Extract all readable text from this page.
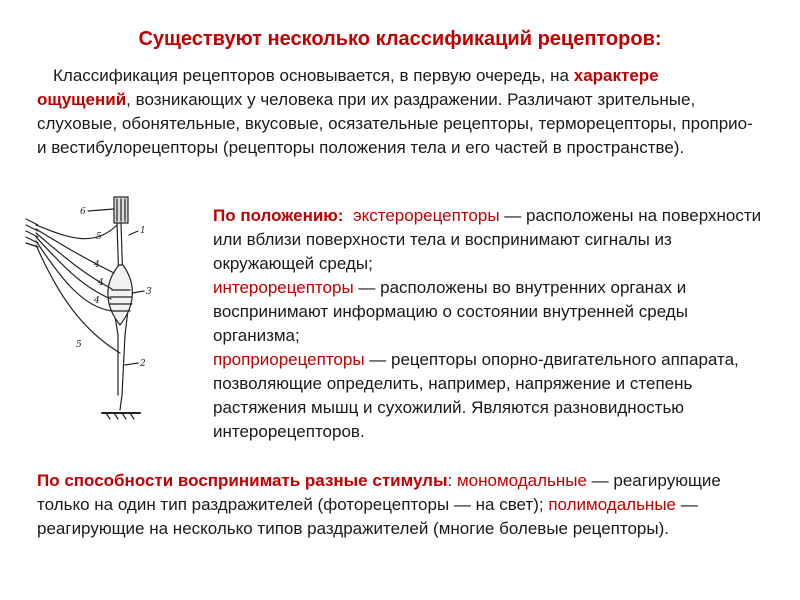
Существуют несколько классификаций рецепторов:

Классификация рецепторов основывается, в первую очередь, на характере ощущений, возникающих у человека при их раздражении. Различают зрительные, слуховые, обонятельные, вкусовые, осязательные рецепторы, терморецепторы, проприо- и вестибулорецепторы (рецепторы положения тела и его частей в пространстве).

6
5
1
4
4
4
3
5
2

По положению: экстерорецепторы — расположены на поверхности или вблизи поверхности тела и воспринимают сигналы из окружающей среды;
интерорецепторы — расположены во внутренних органах и воспринимают информацию о состоянии внутренней среды организма;
проприорецепторы — рецепторы опорно-двигательного аппарата, позволяющие определить, например, напряжение и степень растяжения мышц и сухожилий. Являются разновидностью интерорецепторов.

По способности воспринимать разные стимулы: мономодальные — реагирующие только на один тип раздражителей (фоторецепторы — на свет); полимодальные — реагирующие на несколько типов раздражителей (многие болевые рецепторы).
